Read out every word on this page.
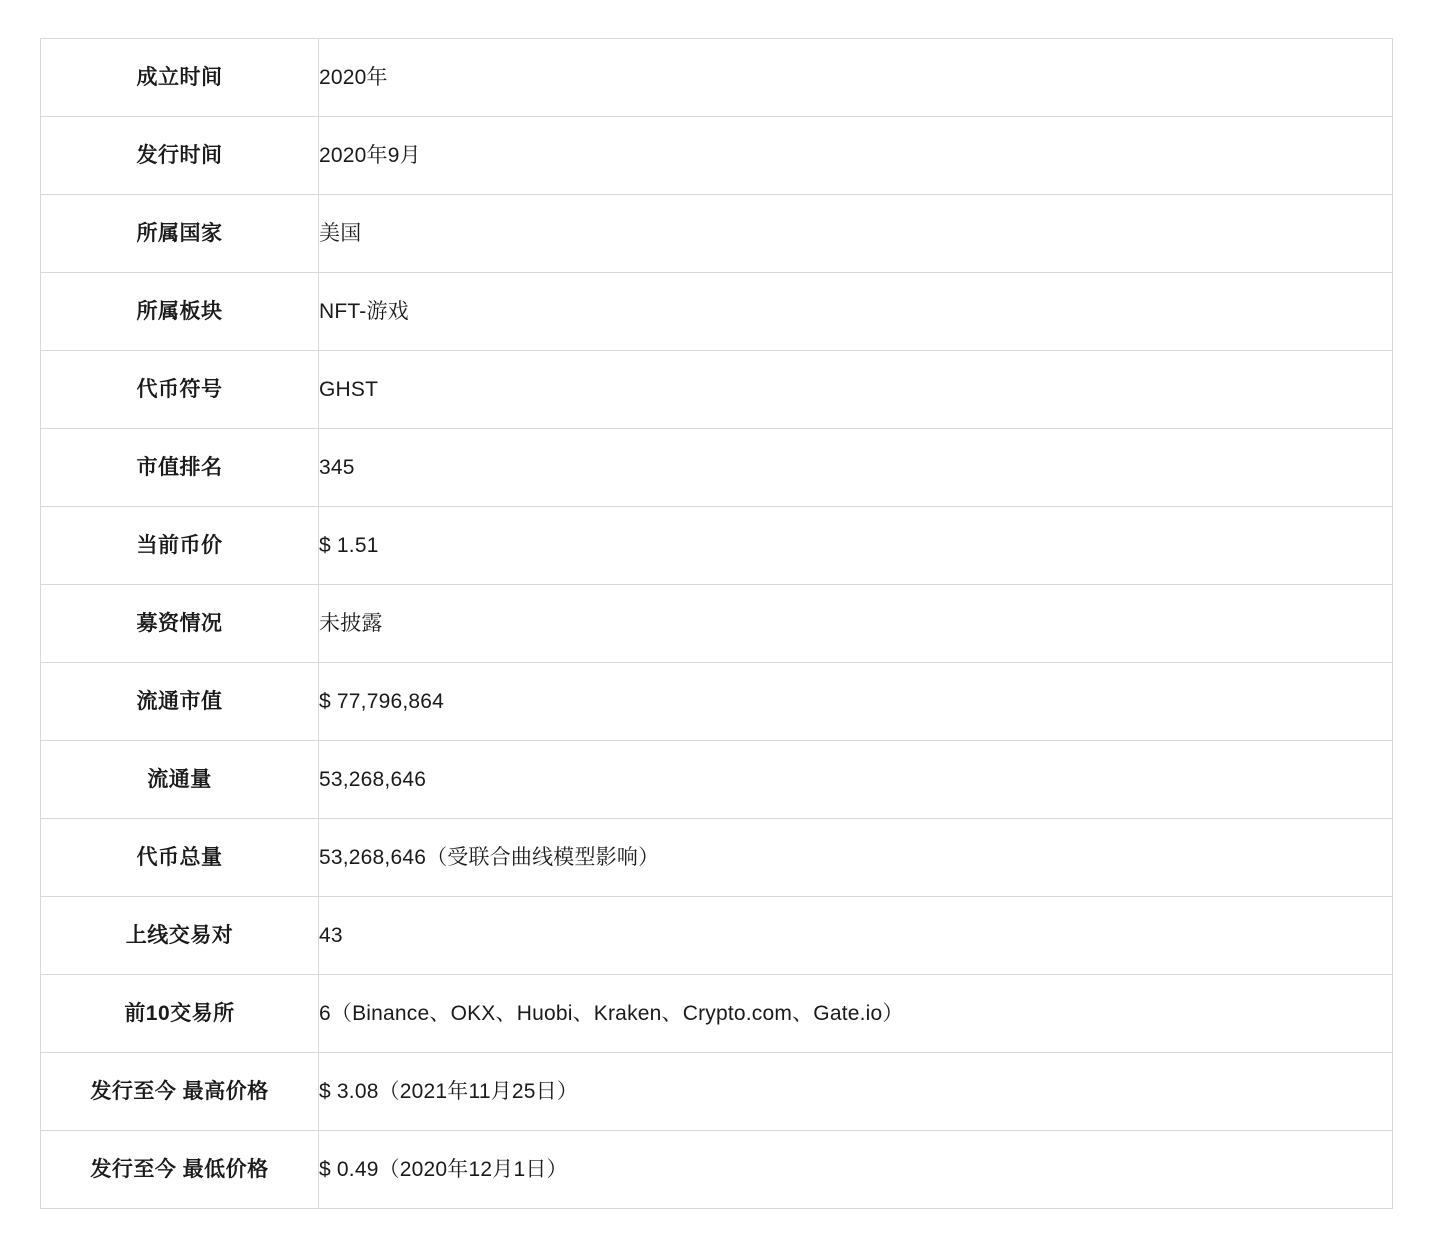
成立时间	2020年
发行时间	2020年9月
所属国家	美国
所属板块	NFT-游戏
代币符号	GHST
市值排名	345
当前币价	$ 1.51
募资情况	未披露
流通市值	$ 77,796,864
流通量	53,268,646
代币总量	53,268,646（受联合曲线模型影响）
上线交易对	43
前10交易所	6（Binance、OKX、Huobi、Kraken、Crypto.com、Gate.io）
发行至今 最高价格	$ 3.08（2021年11月25日）
发行至今 最低价格	$ 0.49（2020年12月1日）
